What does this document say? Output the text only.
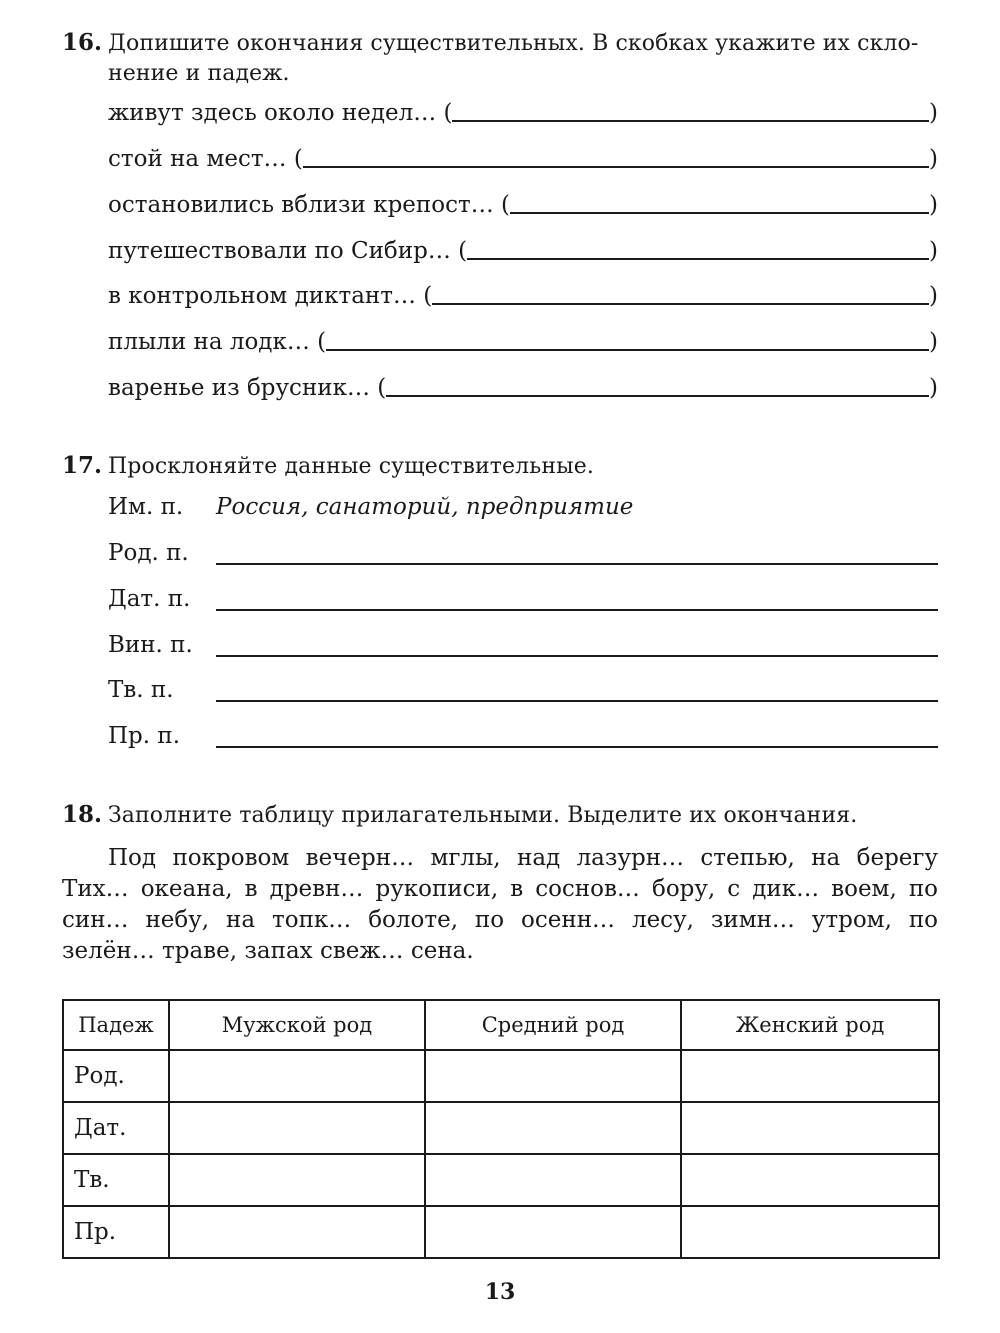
16. Допишите окончания существительных. В скобках укажите их скло-
нение и падеж.
живут здесь около недел… (	)
стой на мест… (	)
остановились вблизи крепост… (	)
путешествовали по Сибир… (	)
в контрольном диктант… (	)
плыли на лодк… (	)
варенье из брусник… (	)
17. Просклоняйте данные существительные.
Им. п.	Россия, санаторий, предприятие
Род. п.
Дат. п.
Вин. п.
Тв. п.
Пр. п.
18. Заполните таблицу прилагательными. Выделите их окончания.
Под покровом вечерн… мглы, над лазурн… степью, на берегу Тих… океана, в древн… рукописи, в соснов… бору, с дик… воем, по син… небу, на топк… болоте, по осенн… лесу, зимн… утром, по зелён… траве, запах свеж… сена.
Падеж	Мужской род	Средний род	Женский род
Род.			
Дат.			
Тв.			
Пр.			
13
